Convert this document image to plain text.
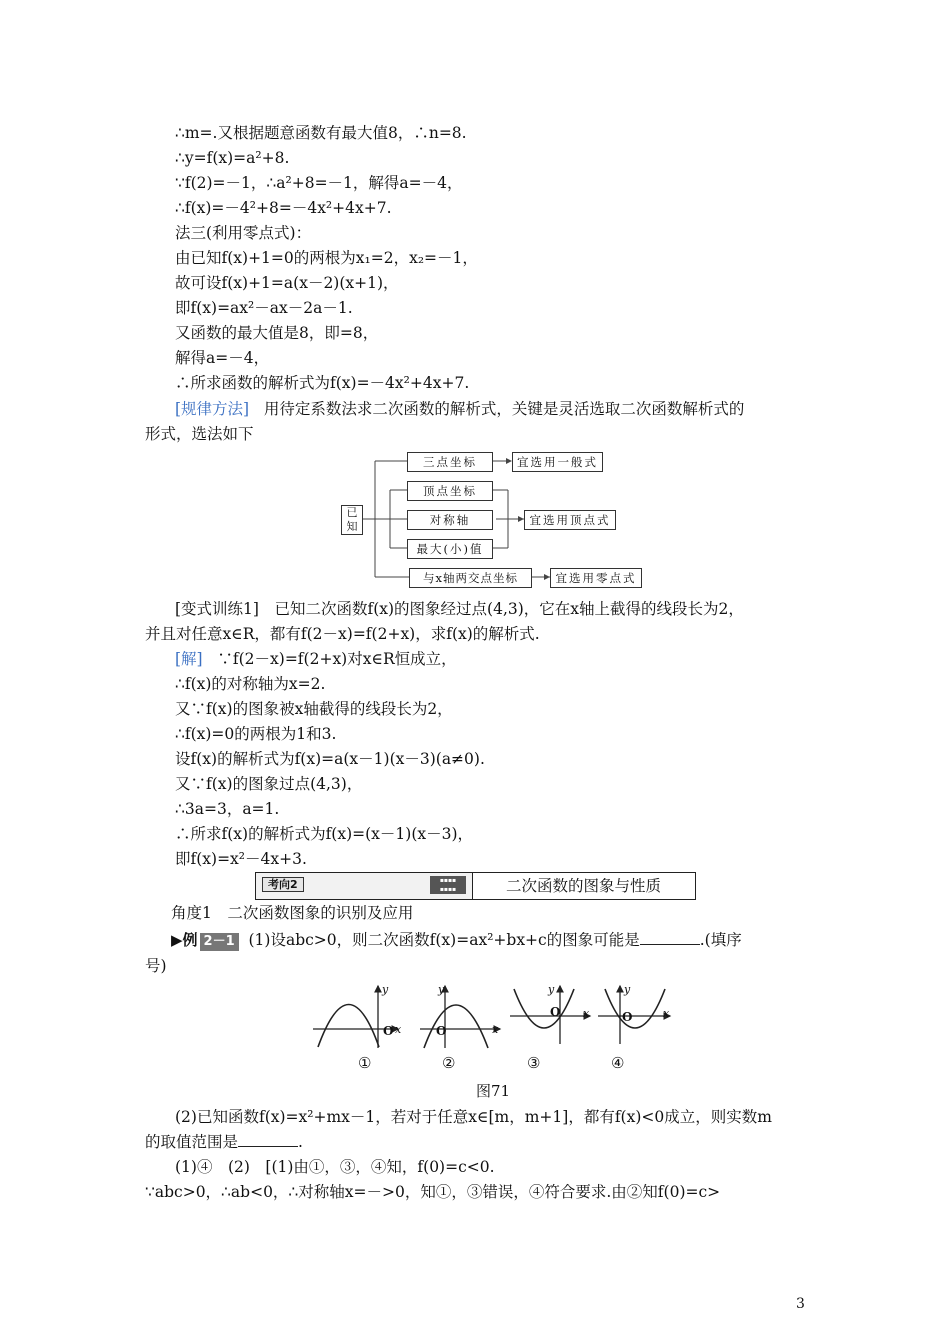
∴m=.又根据题意函数有最大值8，∴n=8.
∴y=f(x)=a²+8.
∵f(2)=－1，∴a²+8=－1，解得a=－4，
∴f(x)=－4²+8=－4x²+4x+7.
法三(利用零点式)：
由已知f(x)+1=0的两根为x₁=2，x₂=－1，
故可设f(x)+1=a(x－2)(x+1)，
即f(x)=ax²－ax－2a－1.
又函数的最大值是8，即=8，
解得a=－4，
∴所求函数的解析式为f(x)=－4x²+4x+7.
[规律方法] 用待定系数法求二次函数的解析式，关键是灵活选取二次函数解析式的
形式，选法如下
已知
三点坐标	宜选用一般式
顶点坐标
对称轴
最大(小)值
宜选用顶点式
与x轴两交点坐标	宜选用零点式
[变式训练1]　已知二次函数f(x)的图象经过点(4,3)，它在x轴上截得的线段长为2，
并且对任意x∈R，都有f(2－x)=f(2+x)，求f(x)的解析式.
[解] ∵f(2－x)=f(2+x)对x∈R恒成立，
∴f(x)的对称轴为x=2.
又∵f(x)的图象被x轴截得的线段长为2，
∴f(x)=0的两根为1和3.
设f(x)的解析式为f(x)=a(x－1)(x－3)(a≠0).
又∵f(x)的图象过点(4,3)，
∴3a=3，a=1.
∴所求f(x)的解析式为f(x)=(x－1)(x－3)，
即f(x)=x²－4x+3.
考向2	▪▪▪▪
▪▪▪▪	二次函数的图象与性质
角度1　二次函数图象的识别及应用
▶例 2－1 (1)设abc>0，则二次函数f(x)=ax²+bx+c的图象可能是	.(填序
号)
y
O x
y
O	x
y
O x
y
O	x
①	②	③	④
图71
(2)已知函数f(x)=x²+mx－1，若对于任意x∈[m，m+1]，都有f(x)<0成立，则实数m
的取值范围是	.
(1)④　(2)　[(1)由①，③，④知，f(0)=c<0.
∵abc>0，∴ab<0，∴对称轴x=－>0，知①，③错误，④符合要求.由②知f(0)=c>
3
